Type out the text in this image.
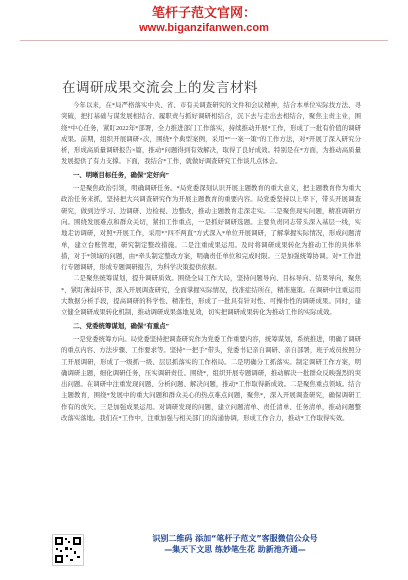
笔杆子范文官网：
www.biganzifanwen.com
在调研成果交流会上的发言材料

今年以来，在*局严格落实中央、省、市有关调查研究的文件和会议精神，结合本单位实际找方法、寻突破，把打基础与谋发展相结合、履职责与抓好调研相结合，沉下去与走出去相结合，聚焦主责主业，围绕*中心任务，紧盯2022年*部署，全力推进部门工作落实，持续推动开展*工作，形成了一批有价值的调研成果。前期，组织开展调研×次，围绕*个典型案例，采用*“一案一策”的工作方法，对*开展了深入研究分析，形成高质量调研报告×篇，推动*问题得到有效解决，取得了良好成效。特别是在*方面，为推动高质量发展提供了有力支撑。下面，我结合*工作，就做好调查研究工作谈几点体会。

一、明晰目标任务，确保“定好向”

一是聚焦政治引领，明确调研任务。*局党委深刻认识开展主题教育的重大意义，把主题教育作为重大政治任务来抓，坚持把大兴调查研究作为开展主题教育的重要内容。局党委坚持以上率下，带头开展调查研究，做到边学习、边调研、边检视、边整改，推动主题教育走深走实。二是聚焦现实问题，精准调研方向。围绕发展难点和群众关切，紧扣工作重点，一是抓好调研选题。主要负责同志带头深入基层一线，实地走访调研，对照*开展工作，采用*“四不两直”方式深入*单位开展调研，了解掌握实际情况，形成问题清单，建立台账管理，研究制定整改措施。二是注重成果运用。及时将调研成果转化为推动工作的具体举措，对于*领域的问题，由*牵头制定整改方案，明确责任单位和完成时限。三是加强统筹协调。对*工作进行专题调研，形成专题调研报告，为科学决策提供依据。

二是聚焦统筹谋划，提升调研质效。围绕全局工作大局，坚持问题导向、目标导向、结果导向，聚焦*，紧盯薄弱环节，深入开展调查研究，全面掌握实际情况，找准症结所在，精准施策。在调研中注重运用大数据分析手段，提高调研的科学性、精准性，形成了一批具有针对性、可操作性的调研成果。同时，建立健全调研成果转化机制，推动调研成果落地见效，切实把调研成果转化为推动工作的实际成效。

二、党委统筹谋划，确保“有重点”

一是党委统筹方向。局党委坚持把调查研究作为党委工作重要内容，统筹谋划，系统推进，明确了调研的重点内容、方法步骤、工作要求等。坚持“一把手”带头，党委书记亲自调研、亲自部署，班子成员按照分工开展调研，形成了一级抓一级、层层抓落实的工作格局。二是明确分工抓落实。制定调研工作方案，明确调研主题，细化调研任务，压实调研责任。围绕*，组织开展专题调研，推动解决一批群众反映强烈的突出问题。在调研中注重发现问题、分析问题、解决问题，推动*工作取得新成效。二是聚焦重点领域。结合主题教育，围绕*发展中的重大问题和群众关心的热点难点问题，聚焦*，深入开展调查研究，确保调研工作有的放矢。三是加强成果运用。对调研发现的问题，建立问题清单、责任清单、任务清单，推动问题整改落实落地。我们在*工作中，注重加强与相关部门的沟通协调，形成工作合力，推动*工作取得实效。

识别二维码 添加“笔杆子范文”客服微信公众号
—集天下文思 练妙笔生花 助新池齐通—
